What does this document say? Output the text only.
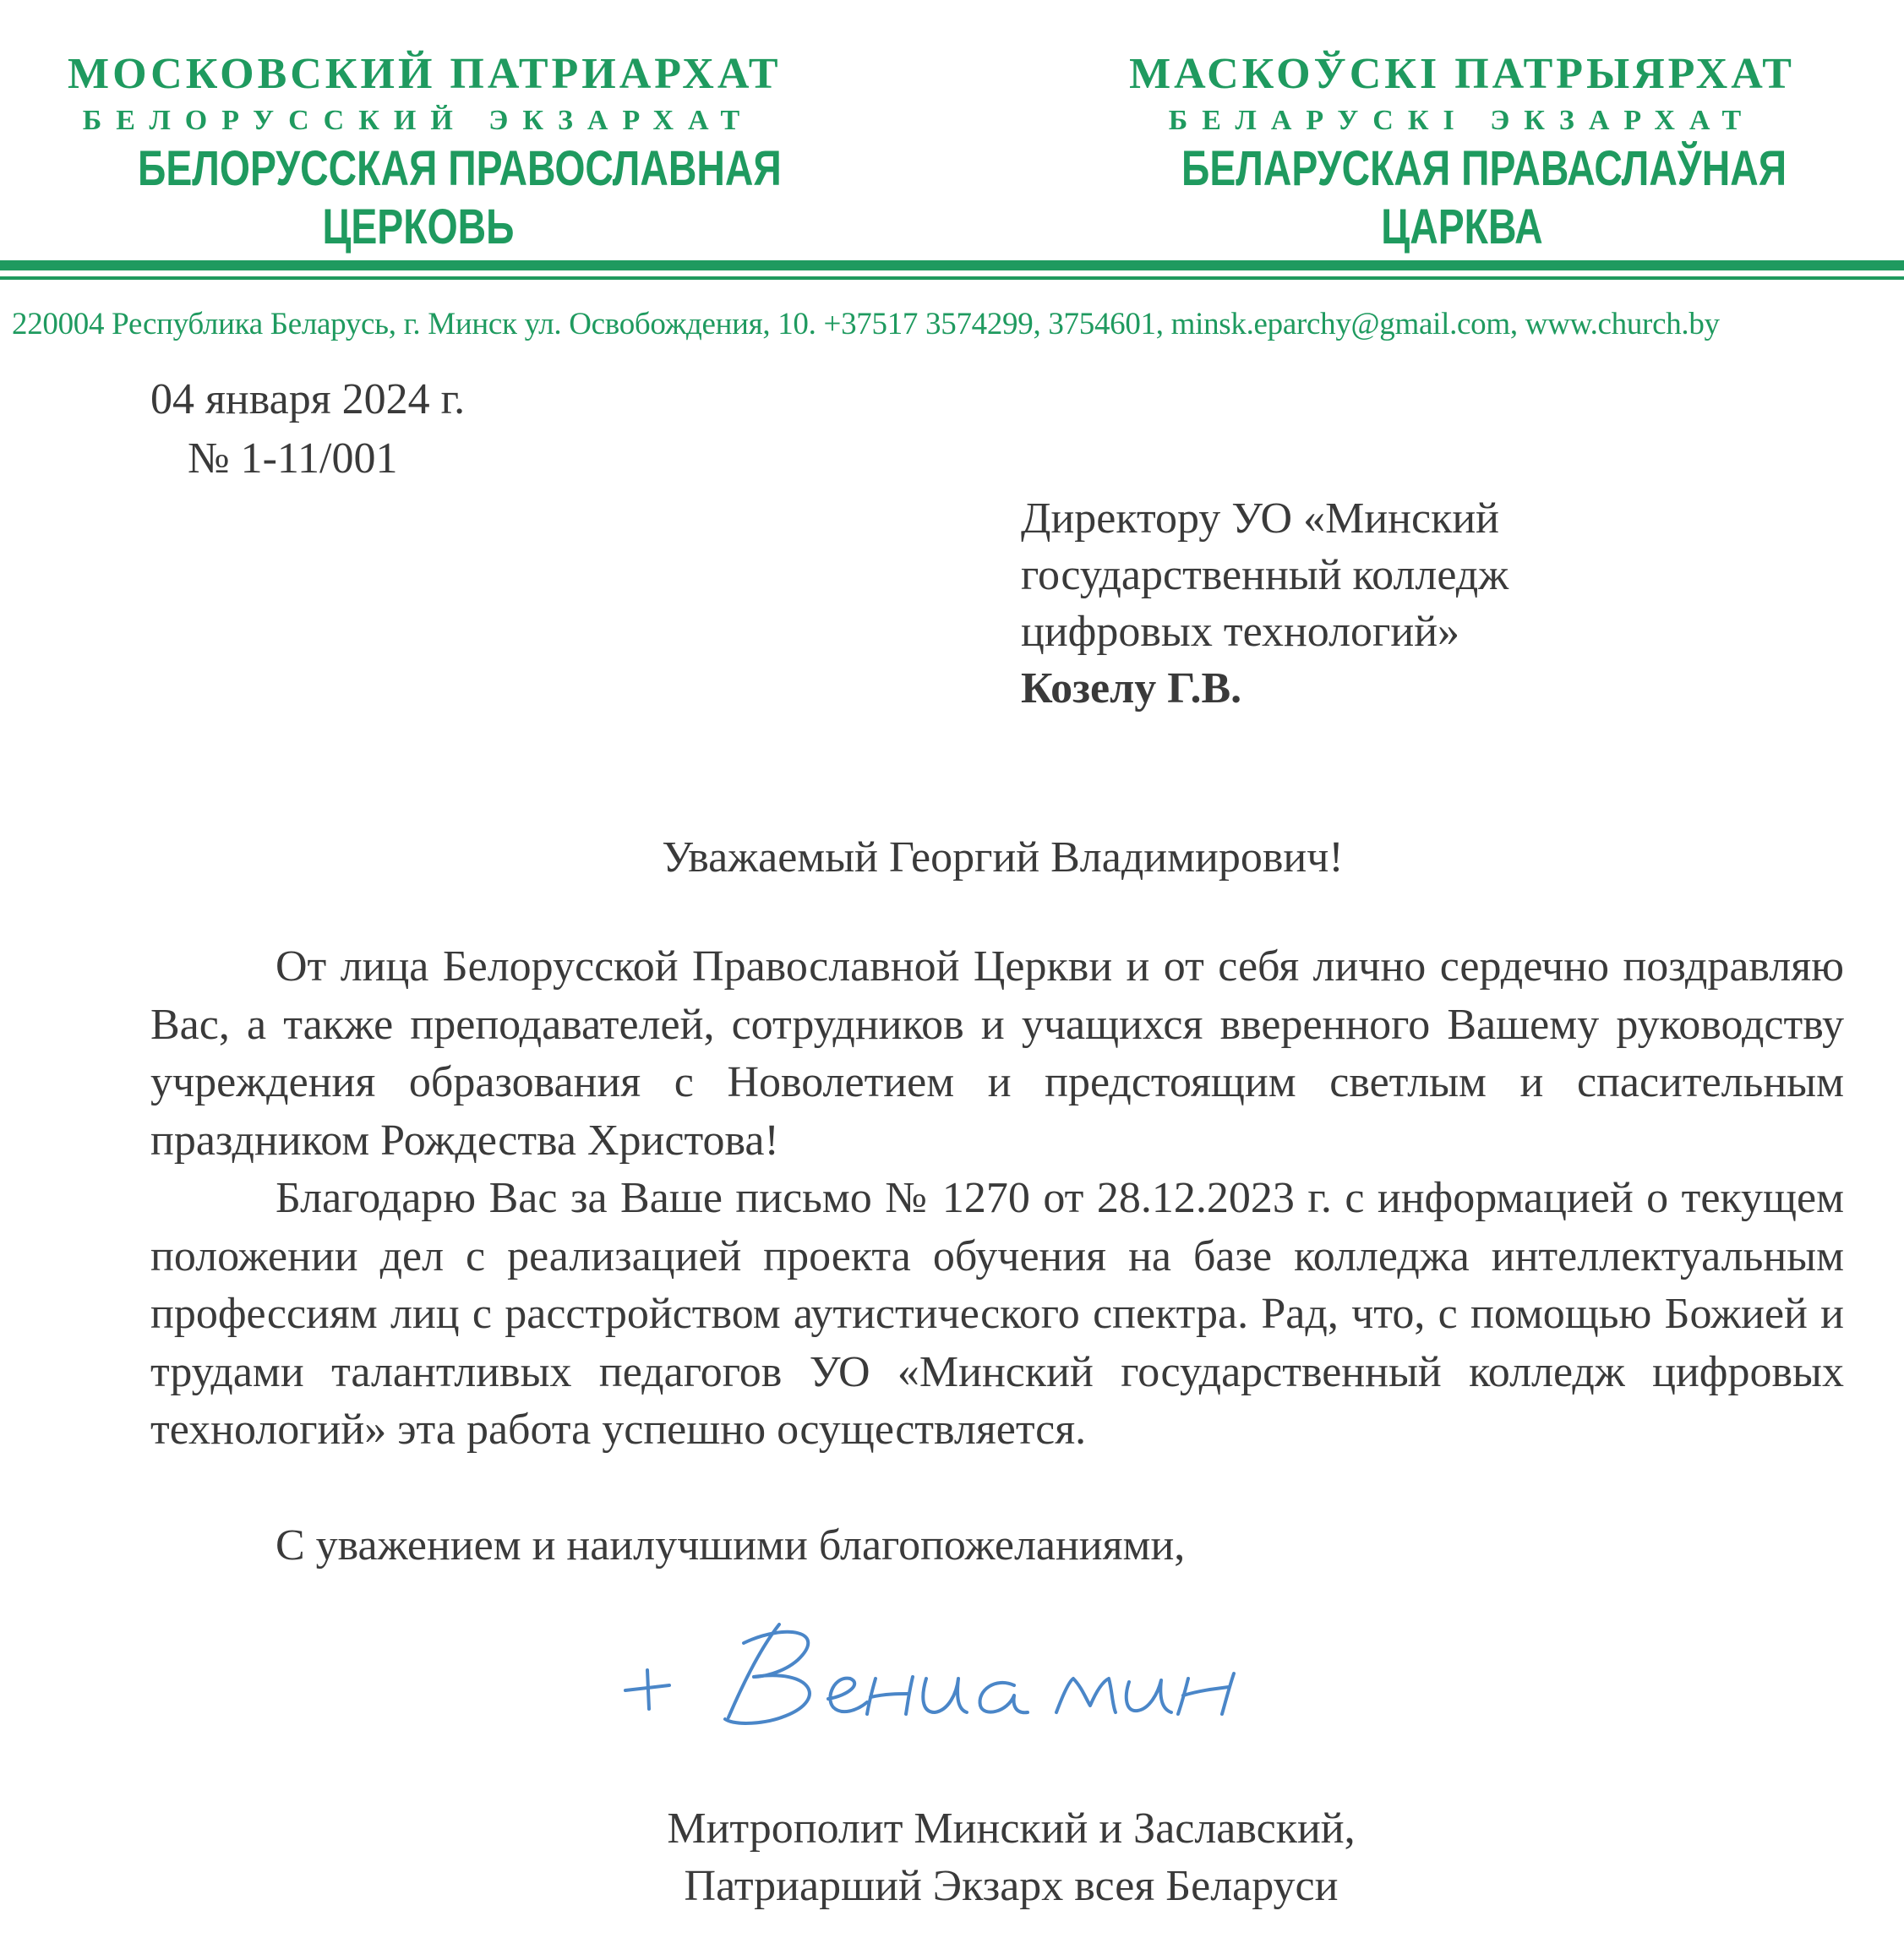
МОСКОВСКИЙ ПАТРИАРХАТ
БЕЛОРУССКИЙ ЭКЗАРХАТ
БЕЛОРУССКАЯ ПРАВОСЛАВНАЯ
ЦЕРКОВЬ
МАСКОЎСКІ ПАТРЫЯРХАТ
БЕЛАРУСКІ ЭКЗАРХАТ
БЕЛАРУСКАЯ ПРАВАСЛАЎНАЯ
ЦАРКВА
220004 Республика Беларусь, г. Минск ул. Освобождения, 10. +37517 3574299, 3754601, minsk.eparchy@gmail.com, www.church.by
04 января 2024 г.
№ 1-11/001
Директору УО «Минский
государственный колледж
цифровых технологий»
Козелу Г.В.
Уважаемый Георгий Владимирович!

От лица Белорусской Православной Церкви и от себя лично сердечно поздравляю Вас, а также преподавателей, сотрудников и учащихся вверенного Вашему руководству учреждения образования с Новолетием и предстоящим светлым и спасительным праздником Рождества Христова!

Благодарю Вас за Ваше письмо № 1270 от 28.12.2023 г. с информацией о текущем положении дел с реализацией проекта обучения на базе колледжа интеллектуальным профессиям лиц с расстройством аутистического спектра. Рад, что, с помощью Божией и трудами талантливых педагогов УО «Минский государственный колледж цифровых технологий» эта работа успешно осуществляется.

С уважением и наилучшими благопожеланиями,
Митрополит Минский и Заславский,
Патриарший Экзарх всея Беларуси
